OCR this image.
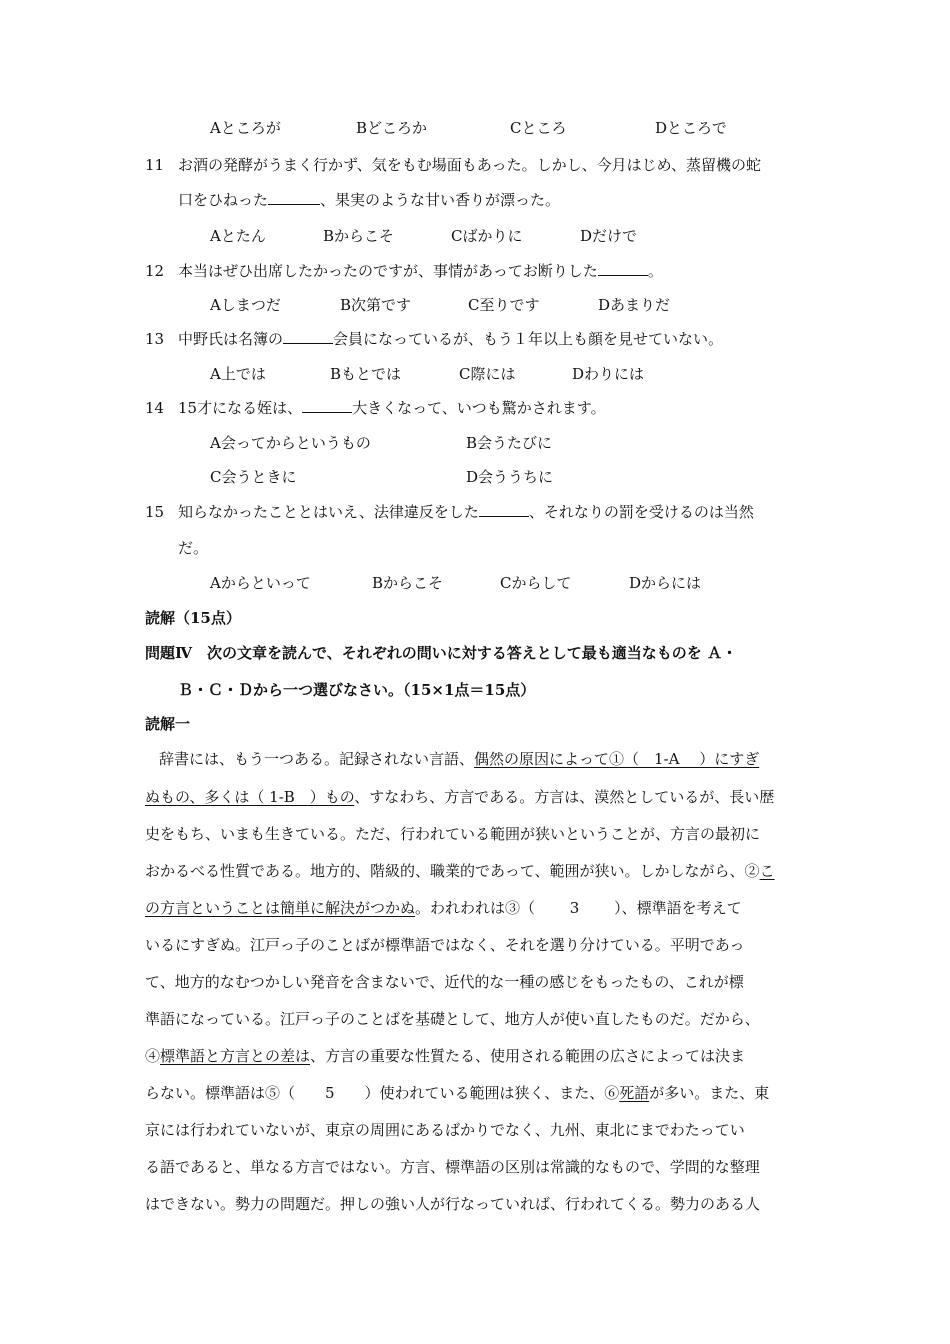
Aところが	Bどころか	Cところ	Dところで
11 お酒の発酵がうまく行かず、気をもむ場面もあった。しかし、今月はじめ、蒸留機の蛇
口をひねった	、果実のような甘い香りが漂った。
Aとたん	Bからこそ	Cばかりに	Dだけで
12 本当はぜひ出席したかったのですが、事情があってお断りした	。
Aしまつだ	B次第です	C至りです	Dあまりだ
13 中野氏は名簿の	会員になっているが、もう１年以上も顔を見せていない。
A上では	Bもとでは	C際には	Dわりには
14 15才になる姪は、	大きくなって、いつも驚かされます。
A会ってからというもの	B会うたびに
C会うときに	D会ううちに
15 知らなかったこととはいえ、法律違反をした	、それなりの罰を受けるのは当然
だ。
Aからといって	Bからこそ	Cからして	Dからには
読解（15点）
問題Ⅳ　次の文章を読んで、それぞれの問いに対する答えとして最も適当なものを Ａ・
Ｂ・Ｃ・Ｄから一つ選びなさい。（15×1点＝15点）
読解一
辞書には、もう一つある。記録されない言語、偶然の原因によって①（　1-A　 ）にすぎ
ぬもの、多くは（ 1-B　）もの、すなわち、方言である。方言は、漠然としているが、長い歴
史をもち、いまも生きている。ただ、行われている範囲が狭いということが、方言の最初に
おかるべる性質である。地方的、階級的、職業的であって、範囲が狭い。しかしながら、②こ
の方言ということは簡単に解決がつかぬ。われわれは③（　　 3　　 ）、標準語を考えて
いるにすぎぬ。江戸っ子のことばが標準語ではなく、それを選り分けている。平明であっ
て、地方的なむつかしい発音を含まないで、近代的な一種の感じをもったもの、これが標
準語になっている。江戸っ子のことばを基礎として、地方人が使い直したものだ。だから、
④標準語と方言との差は、方言の重要な性質たる、使用される範囲の広さによっては決ま
らない。標準語は⑤（　　5　　）使われている範囲は狭く、また、⑥死語が多い。また、東
京には行われていないが、東京の周囲にあるばかりでなく、九州、東北にまでわたってい
る語であると、単なる方言ではない。方言、標準語の区別は常識的なもので、学問的な整理
はできない。勢力の問題だ。押しの強い人が行なっていれば、行われてくる。勢力のある人
